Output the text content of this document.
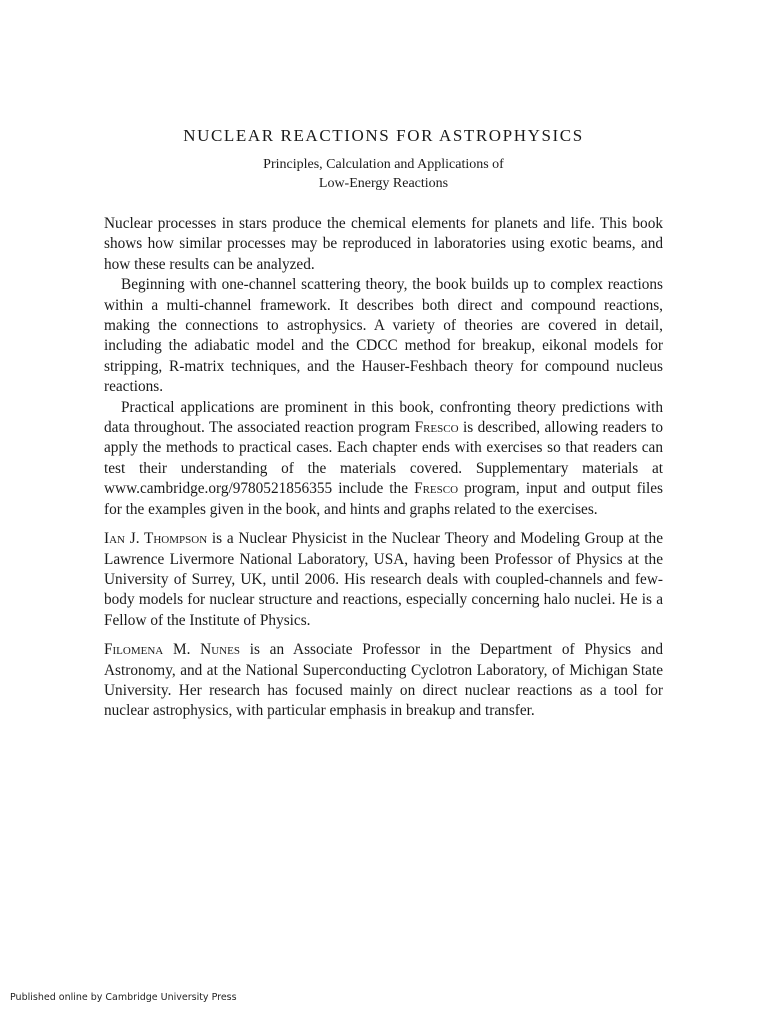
NUCLEAR REACTIONS FOR ASTROPHYSICS
Principles, Calculation and Applications of
Low-Energy Reactions

Nuclear processes in stars produce the chemical elements for planets and life. This book shows how similar processes may be reproduced in laboratories using exotic beams, and how these results can be analyzed.

Beginning with one-channel scattering theory, the book builds up to complex reactions within a multi-channel framework. It describes both direct and compound reactions, making the connections to astrophysics. A variety of theories are covered in detail, including the adiabatic model and the CDCC method for breakup, eikonal models for stripping, R-matrix techniques, and the Hauser-Feshbach theory for compound nucleus reactions.

Practical applications are prominent in this book, confronting theory predictions with data throughout. The associated reaction program Fresco is described, allowing readers to apply the methods to practical cases. Each chapter ends with exercises so that readers can test their understanding of the materials covered. Supplementary materials at www.cambridge.org/9780521856355 include the Fresco program, input and output files for the examples given in the book, and hints and graphs related to the exercises.

Ian J. Thompson is a Nuclear Physicist in the Nuclear Theory and Modeling Group at the Lawrence Livermore National Laboratory, USA, having been Professor of Physics at the University of Surrey, UK, until 2006. His research deals with coupled-channels and few-body models for nuclear structure and reactions, especially concerning halo nuclei. He is a Fellow of the Institute of Physics.

Filomena M. Nunes is an Associate Professor in the Department of Physics and Astronomy, and at the National Superconducting Cyclotron Laboratory, of Michigan State University. Her research has focused mainly on direct nuclear reactions as a tool for nuclear astrophysics, with particular emphasis in breakup and transfer.

Published online by Cambridge University Press
